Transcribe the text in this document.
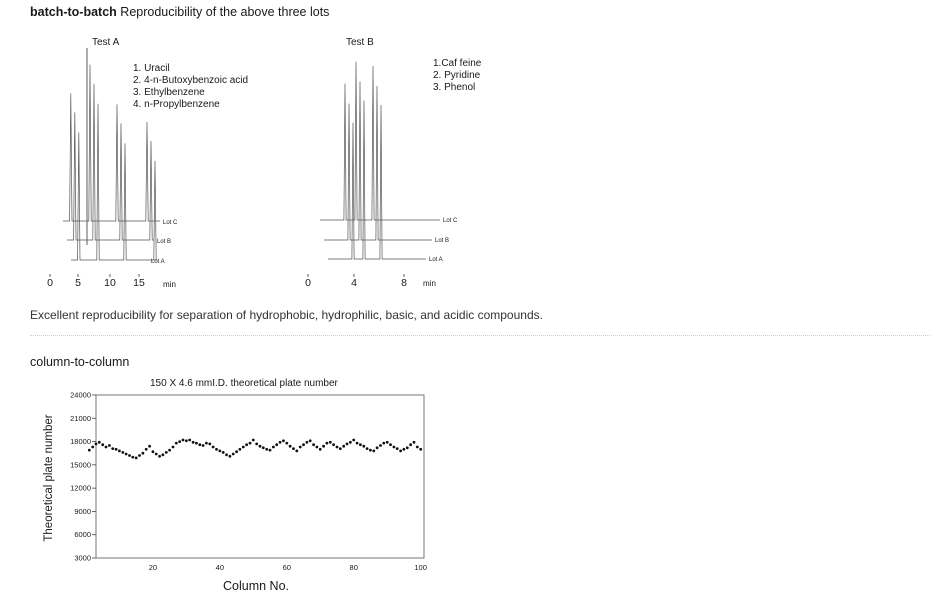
batch-to-batch Reproducibility of the above three lots
Test A
1. Uracil
2. 4-n-Butoxybenzoic acid
3. Ethylbenzene
4. n-Propylbenzene
Lot C
Lot B
Lot A
0 5 10 15 min
Test B
1.Caf feine
2. Pyridine
3. Phenol
Lot C
Lot B
Lot A
0	4	8 min
Excellent reproducibility for separation of hydrophobic, hydrophilic, basic, and acidic compounds.
column-to-column
150 X 4.6 mmI.D. theoretical plate number
Theoretical plate number
3000
6000
9000
12000
15000
18000
21000
24000
20	40	60	80	100
Column No.
